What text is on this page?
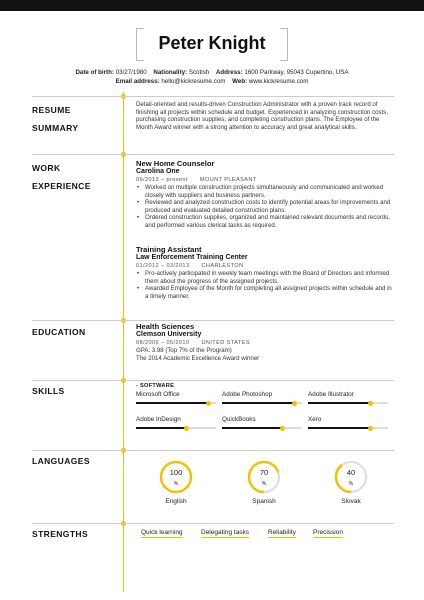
Peter Knight
Date of birth: 03/27/1980 Nationality: Scotish Address: 1600 Parkway, 95043 Cupertino, USA
Email address: hello@kickresume.com Web: www.kickresume.com
RESUME
SUMMARY
Detail-oriented and results-driven Construction Administrator with a proven track record of finishing all projects within schedule and budget. Experienced in analyzing construction costs, purchasing construction supplies, and completing construction plans. The Employee of the Month Award winner with a strong attention to accuracy and great analytical skills.
WORK
EXPERIENCE
New Home Counselor
Carolina One
06/2013 – present MOUNT PLEASANT
• Worked on multiple construction projects simultaneously and communicated and worked closely with suppliers and business partners.
• Reviewed and analyzed construction costs to identify potential areas for improvements and produced and evaluated detailed construction plans.
• Ordered construction supplies, organized and maintained relevant documents and records, and performed various clerical tasks as required.
Training Assistant
Law Enforcement Training Center
01/2012 – 03/2013 CHARLESTON
• Pro-actively participated in weekly team meetings with the Board of Directors and informed them about the progress of the assigned projects.
• Awarded Employee of the Month for completing all assigned projects within schedule and in a timely manner.
EDUCATION
Health Sciences
Clemson University
08/2006 – 05/2010 UNITED STATES
GPA: 3.98 (Top 7% of the Program)
The 2014 Academic Excellence Award winner
SKILLS	- SOFTWARE
Microsoft Office	Adobe Photoshop	Adobe Illustrator
Adobe InDesign	QuickBooks	Xero
LANGUAGES
100
%
English
70
%
Spanish
40
%
Slovak
STRENGTHS	Quick learning	Delegating tasks	Reliability	Precission
